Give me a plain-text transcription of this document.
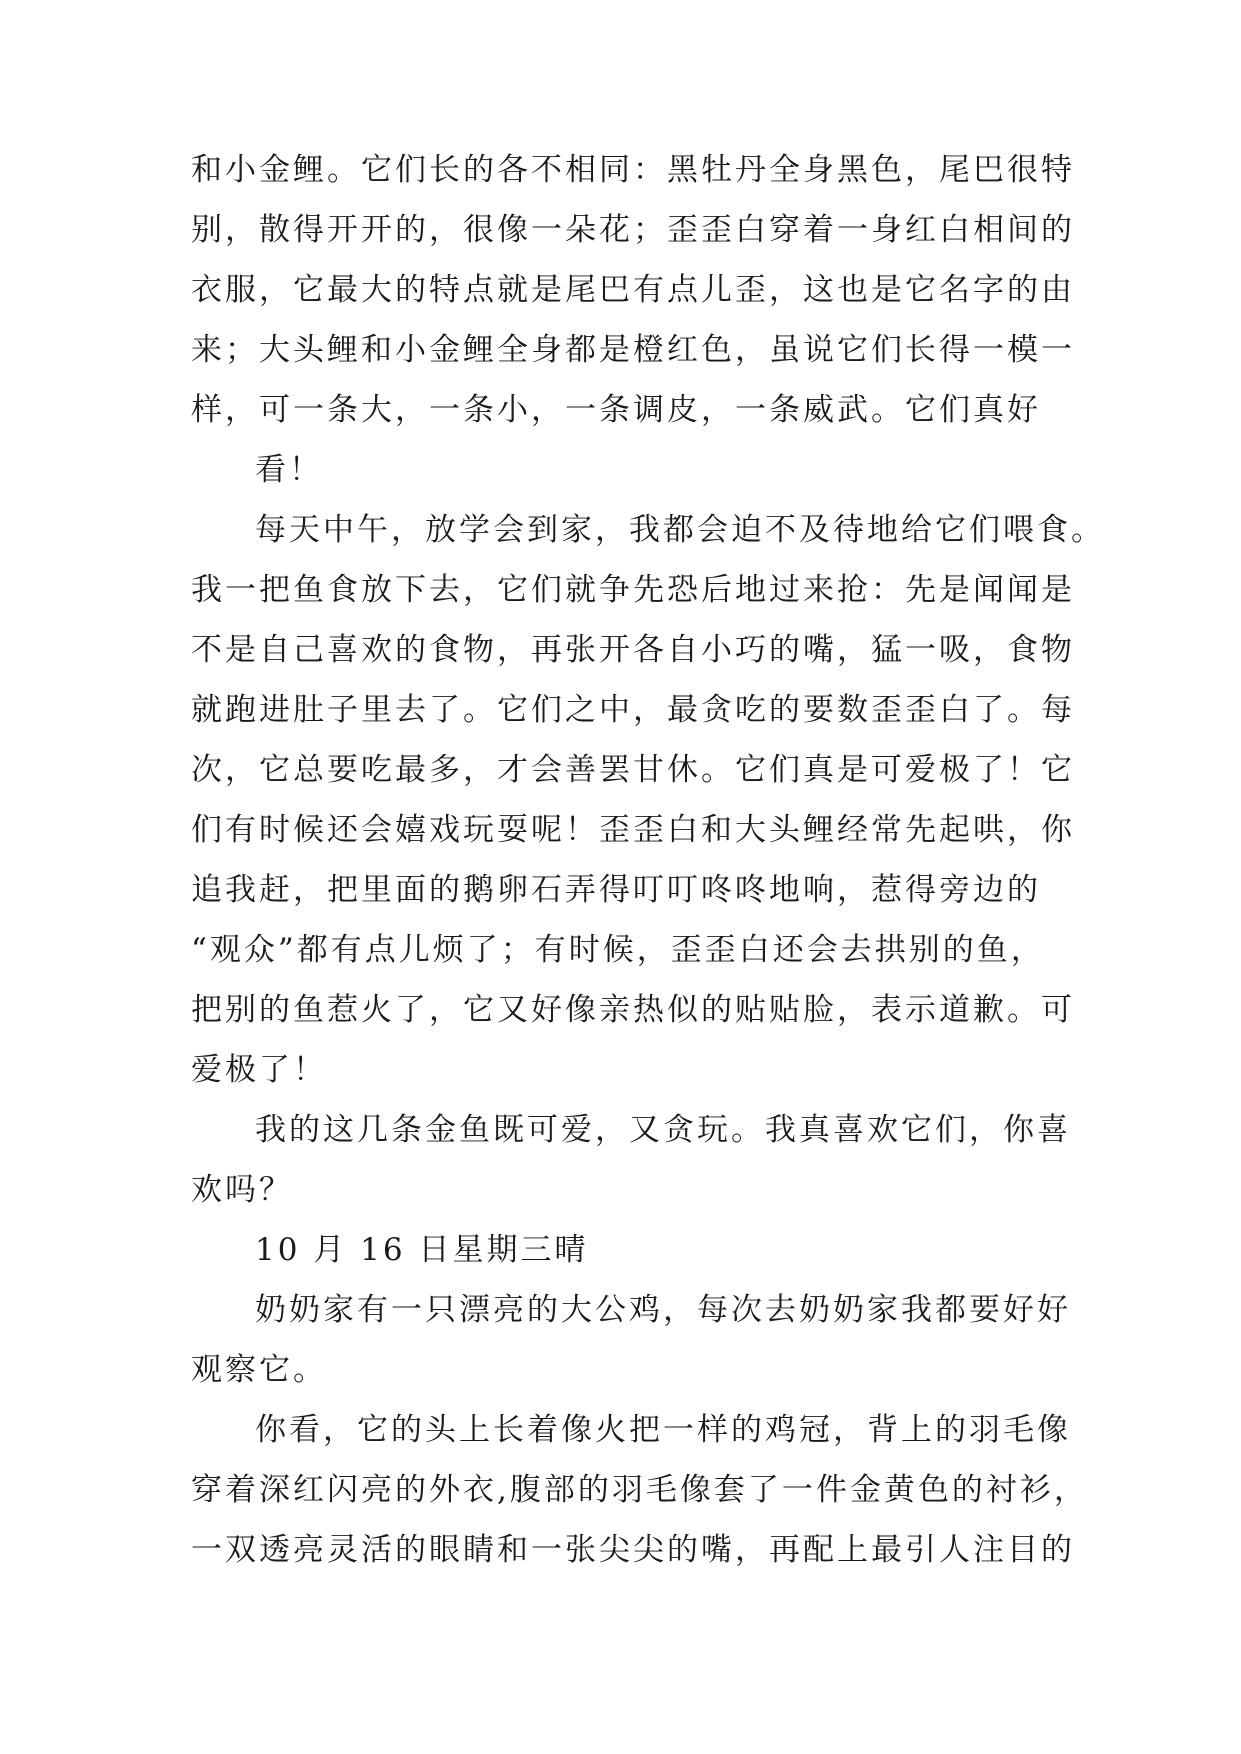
和小金鲤。它们长的各不相同：黑牡丹全身黑色，尾巴很特
别，散得开开的，很像一朵花；歪歪白穿着一身红白相间的
衣服，它最大的特点就是尾巴有点儿歪，这也是它名字的由
来；大头鲤和小金鲤全身都是橙红色，虽说它们长得一模一
样，可一条大，一条小，一条调皮，一条威武。它们真好
看！
每天中午，放学会到家，我都会迫不及待地给它们喂食。
我一把鱼食放下去，它们就争先恐后地过来抢：先是闻闻是
不是自己喜欢的食物，再张开各自小巧的嘴，猛一吸，食物
就跑进肚子里去了。它们之中，最贪吃的要数歪歪白了。每
次，它总要吃最多，才会善罢甘休。它们真是可爱极了！它
们有时候还会嬉戏玩耍呢！歪歪白和大头鲤经常先起哄，你
追我赶，把里面的鹅卵石弄得叮叮咚咚地响，惹得旁边的
“观众”都有点儿烦了；有时候，歪歪白还会去拱别的鱼，
把别的鱼惹火了，它又好像亲热似的贴贴脸，表示道歉。可
爱极了！
我的这几条金鱼既可爱，又贪玩。我真喜欢它们，你喜
欢吗？
10 月 16 日星期三晴
奶奶家有一只漂亮的大公鸡，每次去奶奶家我都要好好
观察它。
你看，它的头上长着像火把一样的鸡冠，背上的羽毛像
穿着深红闪亮的外衣,腹部的羽毛像套了一件金黄色的衬衫，
一双透亮灵活的眼睛和一张尖尖的嘴，再配上最引人注目的
